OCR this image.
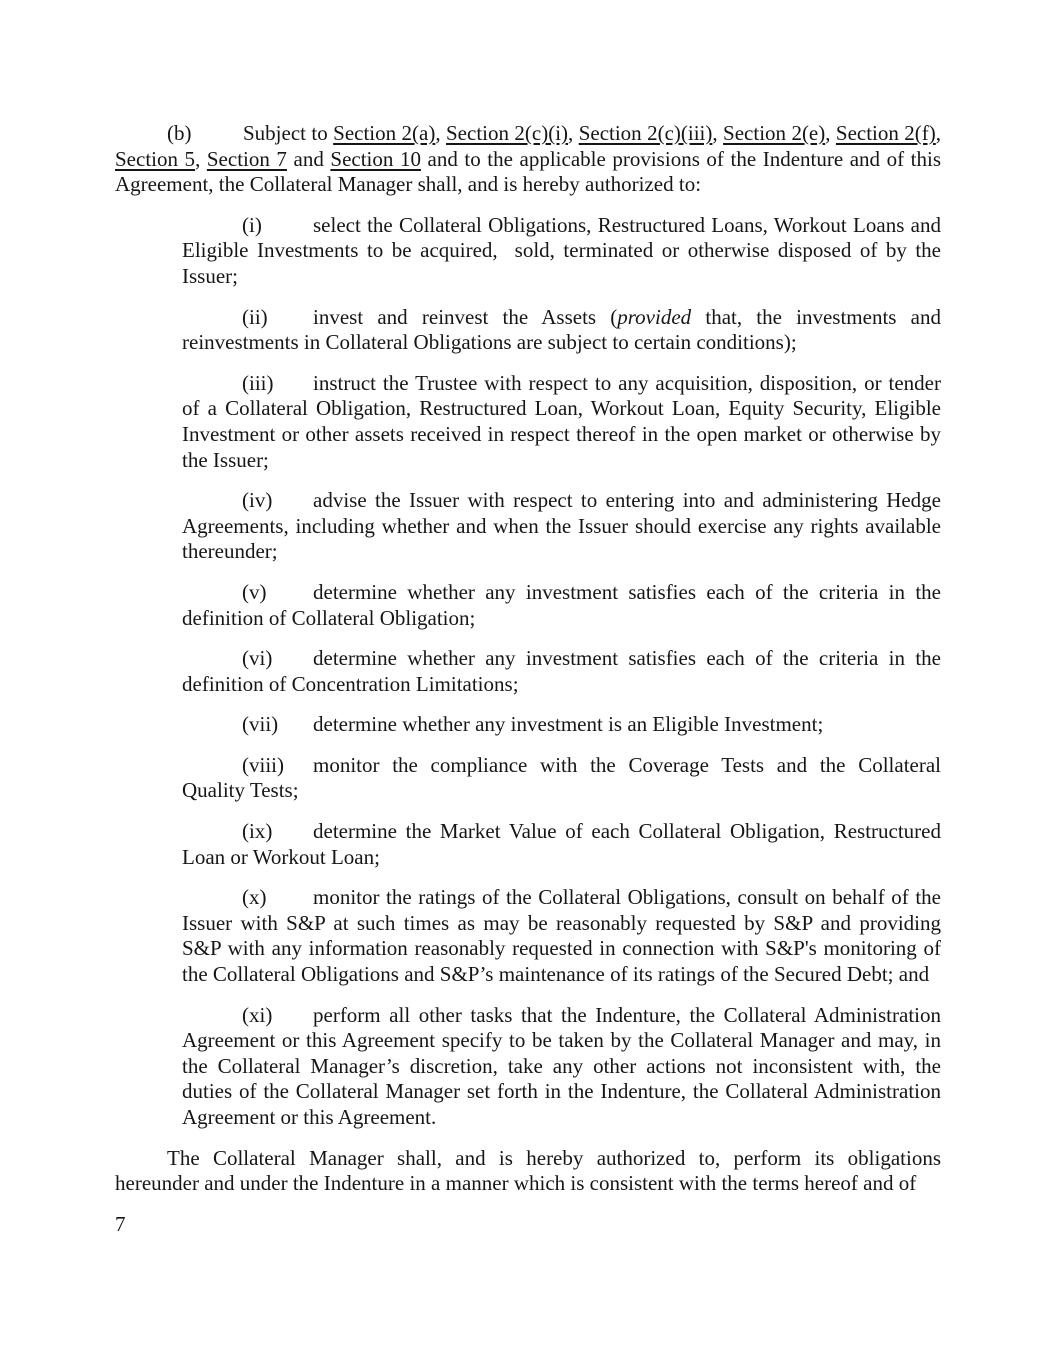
(b) Subject to Section 2(a), Section 2(c)(i), Section 2(c)(iii), Section 2(e), Section 2(f), Section 5, Section 7 and Section 10 and to the applicable provisions of the Indenture and of this Agreement, the Collateral Manager shall, and is hereby authorized to:

(i) select the Collateral Obligations, Restructured Loans, Workout Loans and Eligible Investments to be acquired,  sold, terminated or otherwise disposed of by the Issuer;

(ii) invest and reinvest the Assets (provided that, the investments and reinvestments in Collateral Obligations are subject to certain conditions);

(iii) instruct the Trustee with respect to any acquisition, disposition, or tender of a Collateral Obligation, Restructured Loan, Workout Loan, Equity Security, Eligible Investment or other assets received in respect thereof in the open market or otherwise by the Issuer;

(iv) advise the Issuer with respect to entering into and administering Hedge Agreements, including whether and when the Issuer should exercise any rights available thereunder;

(v) determine whether any investment satisfies each of the criteria in the definition of Collateral Obligation;

(vi) determine whether any investment satisfies each of the criteria in the definition of Concentration Limitations;

(vii) determine whether any investment is an Eligible Investment;

(viii) monitor the compliance with the Coverage Tests and the Collateral Quality Tests;

(ix) determine the Market Value of each Collateral Obligation, Restructured Loan or Workout Loan;

(x) monitor the ratings of the Collateral Obligations, consult on behalf of the Issuer with S&P at such times as may be reasonably requested by S&P and providing S&P with any information reasonably requested in connection with S&P's monitoring of the Collateral Obligations and S&P’s maintenance of its ratings of the Secured Debt; and

(xi) perform all other tasks that the Indenture, the Collateral Administration Agreement or this Agreement specify to be taken by the Collateral Manager and may, in the Collateral Manager’s discretion, take any other actions not inconsistent with, the duties of the Collateral Manager set forth in the Indenture, the Collateral Administration Agreement or this Agreement.

The Collateral Manager shall, and is hereby authorized to, perform its obligations hereunder and under the Indenture in a manner which is consistent with the terms hereof and of

7
